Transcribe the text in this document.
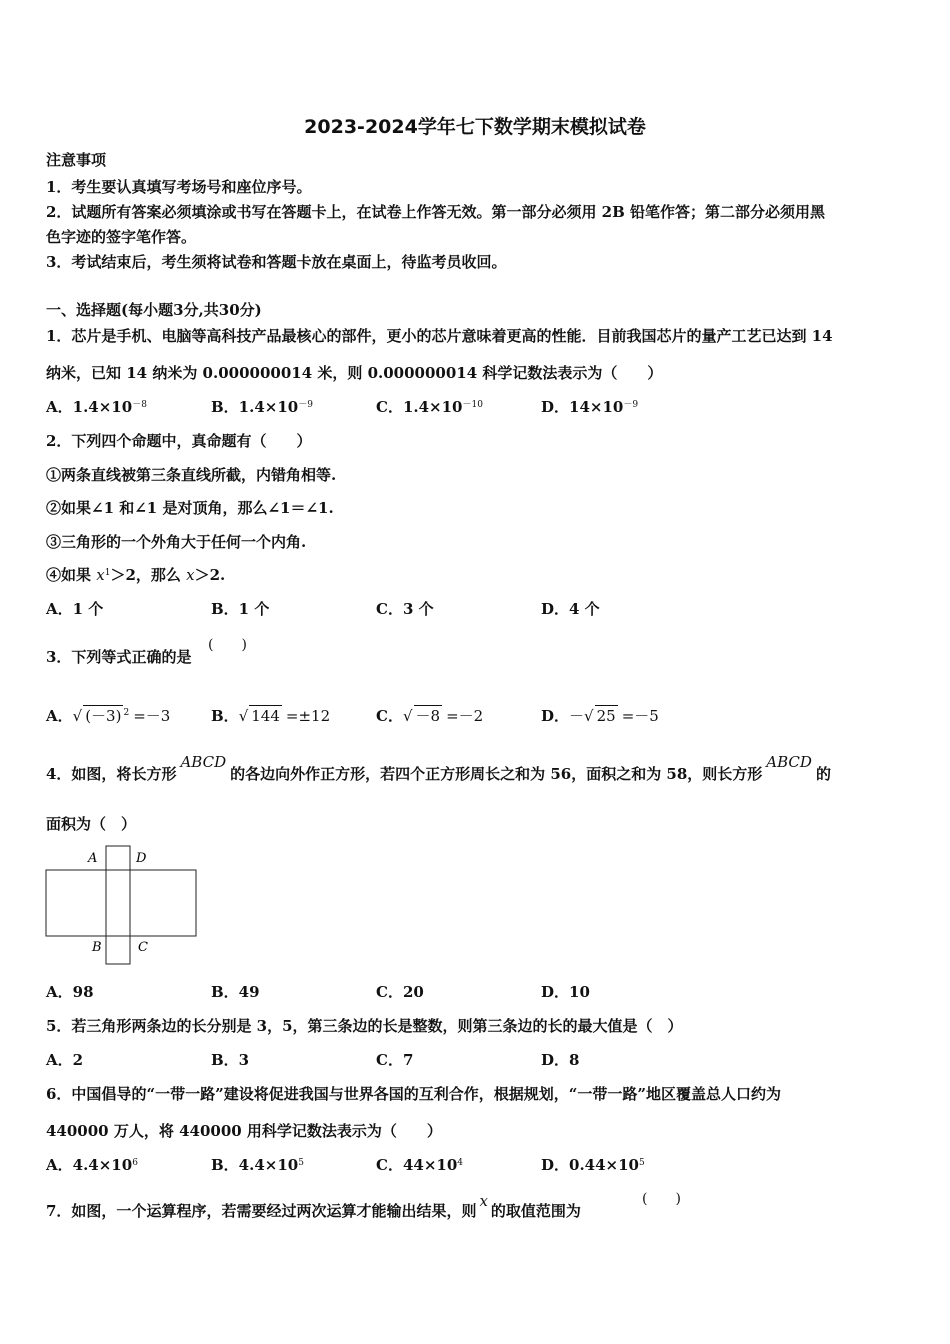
2023-2024学年七下数学期末模拟试卷
注意事项
1．考生要认真填写考场号和座位序号。
2．试题所有答案必须填涂或书写在答题卡上，在试卷上作答无效。第一部分必须用 2B 铅笔作答；第二部分必须用黑
色字迹的签字笔作答。
3．考试结束后，考生须将试卷和答题卡放在桌面上，待监考员收回。
一、选择题(每小题3分,共30分)
1．芯片是手机、电脑等高科技产品最核心的部件，更小的芯片意味着更高的性能．目前我国芯片的量产工艺已达到 14
纳米，已知 14 纳米为 0.000000014 米，则 0.000000014 科学记数法表示为（　　）
A．$1.4\times 10^{-8}$	B．$1.4\times 10^{-9}$	C．$1.4\times 10^{-10}$	D．$14\times 10^{-9}$
2．下列四个命题中，真命题有（　　）
①两条直线被第三条直线所截，内错角相等.
②如果∠1 和∠1 是对顶角，那么∠1＝∠1.
③三角形的一个外角大于任何一个内角.
④如果 $x^1>2$，那么 x＞2.
A．1 个	B．1 个	C．3 个	D．4 个
3．下列等式正确的是
(　　)
A．√ (－3) $^2$ =－3	B．√ 144 =±12	C．√ －8 =－2	D．－√ 25 =－5
4．如图，将长方形ABCD的各边向外作正方形，若四个正方形周长之和为 56，面积之和为 58，则长方形ABCD的
面积为（　）
A	D
B	C
A．98	B．49	C．20	D．10
5．若三角形两条边的长分别是 3，5，第三条边的长是整数，则第三条边的长的最大值是（　）
A．2	B．3	C．7	D．8
6．中国倡导的“一带一路”建设将促进我国与世界各国的互利合作，根据规划，“一带一路”地区覆盖总人口约为
440000 万人，将 440000 用科学记数法表示为（　　）
A．$4.4\times 10^6$	B．$4.4\times 10^5$	C．$44\times 10^4$	D．$0.44\times 10^5$
7．如图，一个运算程序，若需要经过两次运算才能输出结果，则x的取值范围为
(　　)
